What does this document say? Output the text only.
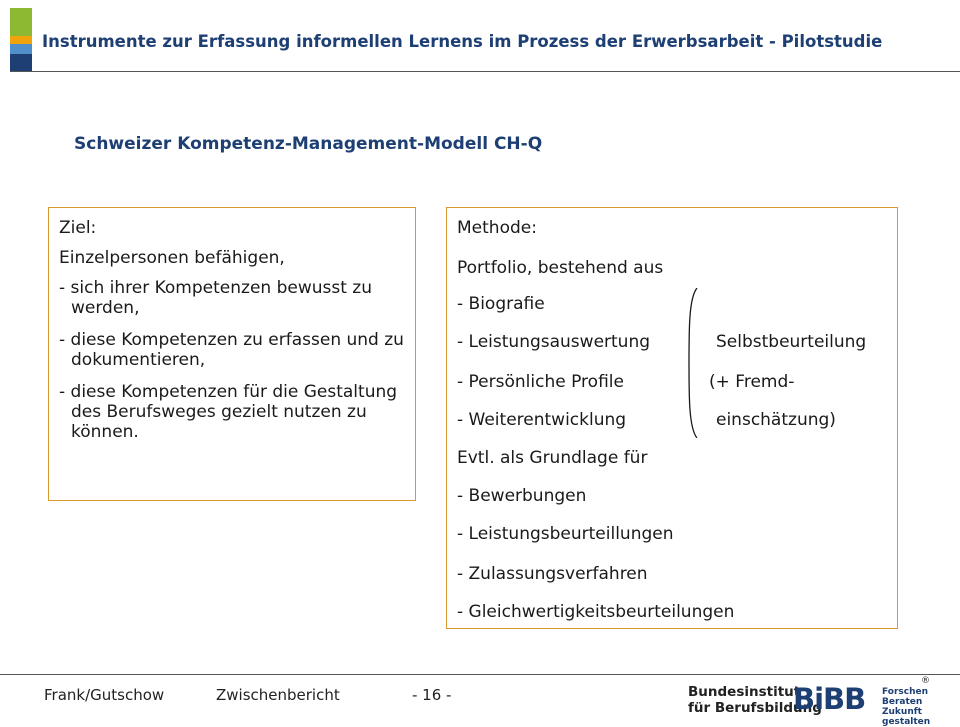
Instrumente zur Erfassung informellen Lernens im Prozess der Erwerbsarbeit - Pilotstudie
Schweizer Kompetenz-Management-Modell CH-Q
Ziel:
Einzelpersonen befähigen,
- sich ihrer Kompetenzen bewusst zu werden,
- diese Kompetenzen zu erfassen und zu dokumentieren,
- diese Kompetenzen für die Gestaltung des Berufsweges gezielt nutzen zu können.
Methode:
Portfolio, bestehend aus
- Biografie
- Leistungsauswertung
- Persönliche Profile
- Weiterentwicklung
Selbstbeurteilung
(+ Fremd-
einschätzung)
Evtl. als Grundlage für
- Bewerbungen
- Leistungsbeurteillungen
- Zulassungsverfahren
- Gleichwertigkeitsbeurteilungen
Frank/Gutschow	Zwischenbericht	- 16 -	Bundesinstitut
für Berufsbildung
BiBB Forschen
Beraten
Zukunft gestalten
®
